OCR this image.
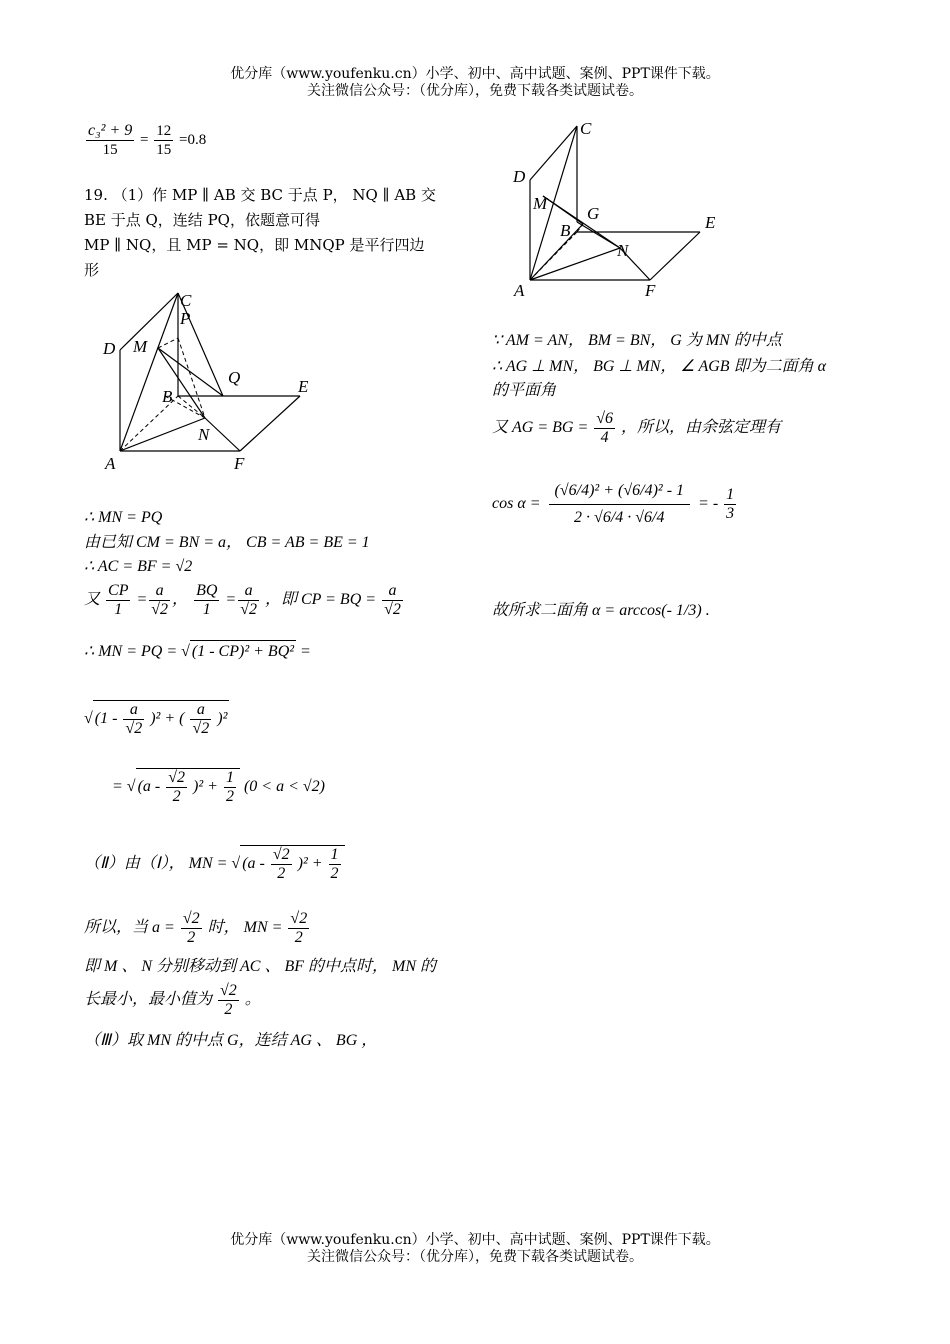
优分库（www.youfenku.cn）小学、初中、高中试题、案例、PPT课件下载。
关注微信公众号：（优分库），免费下载各类试题试卷。
$\frac{\text{c₃² + 9}}{15} = \frac{12}{15} =0.8$
19. （1）作 MP ∥ AB 交 BC 于点 P， NQ ∥ AB 交
BE 于点 Q，连结 PQ，依题意可得
MP ∥ NQ，且 MP = NQ，即 MNQP 是平行四边
形
C
P
D M
Q	E
B
N
A	F
∴ MN = PQ
由已知 CM = BN = a， CB = AB = BE = 1
∴ AC = BF = √2
又 $\frac{CP}{1} = \frac{a}{√2}$ ， $\frac{BQ}{1} = \frac{a}{√2}$ ，即 CP = BQ = $\frac{a}{√2}$
∴ MN = PQ = √ (1 - CP)² + BQ² =
√ $(1 - \frac{a}{√2} )^2$ + ( $\frac{a}{√2} )^2$
= √ $(a - \frac{√2}{2} )^2 + \frac{1}{2} (0 < a < √2)$
（Ⅱ）由（Ⅰ）， MN = √ $(a - \frac{√2}{2} )^2 + \frac{1}{2}$
所以，当 $a = \frac{√2}{2}$ 时， MN = $\frac{√2}{2}$
即 M 、 N 分别移动到 AC 、 BF 的中点时， MN 的
长最小，最小值为 $\frac{√2}{2}$ 。
（Ⅲ）取 MN 的中点 G，连结 AG 、 BG ，
C
D
M
G
B	E
N
A	F
∵ AM = AN， BM = BN， G 为 MN 的中点
∴ AG ⊥ MN， BG ⊥ MN， ∠ AGB 即为二面角 α
的平面角
又 AG = BG = $\frac{√6}{4}$ ，所以，由余弦定理有
$\cos \alpha = \frac{\text{(√6/4)² + (√6/4)² - 1}}{2 \cdot √6/4 \cdot √6/4}$ = - $\frac{1}{3}$
故所求二面角 α = arccos(- 1/3) .
优分库（www.youfenku.cn）小学、初中、高中试题、案例、PPT课件下载。
关注微信公众号：（优分库），免费下载各类试题试卷。
